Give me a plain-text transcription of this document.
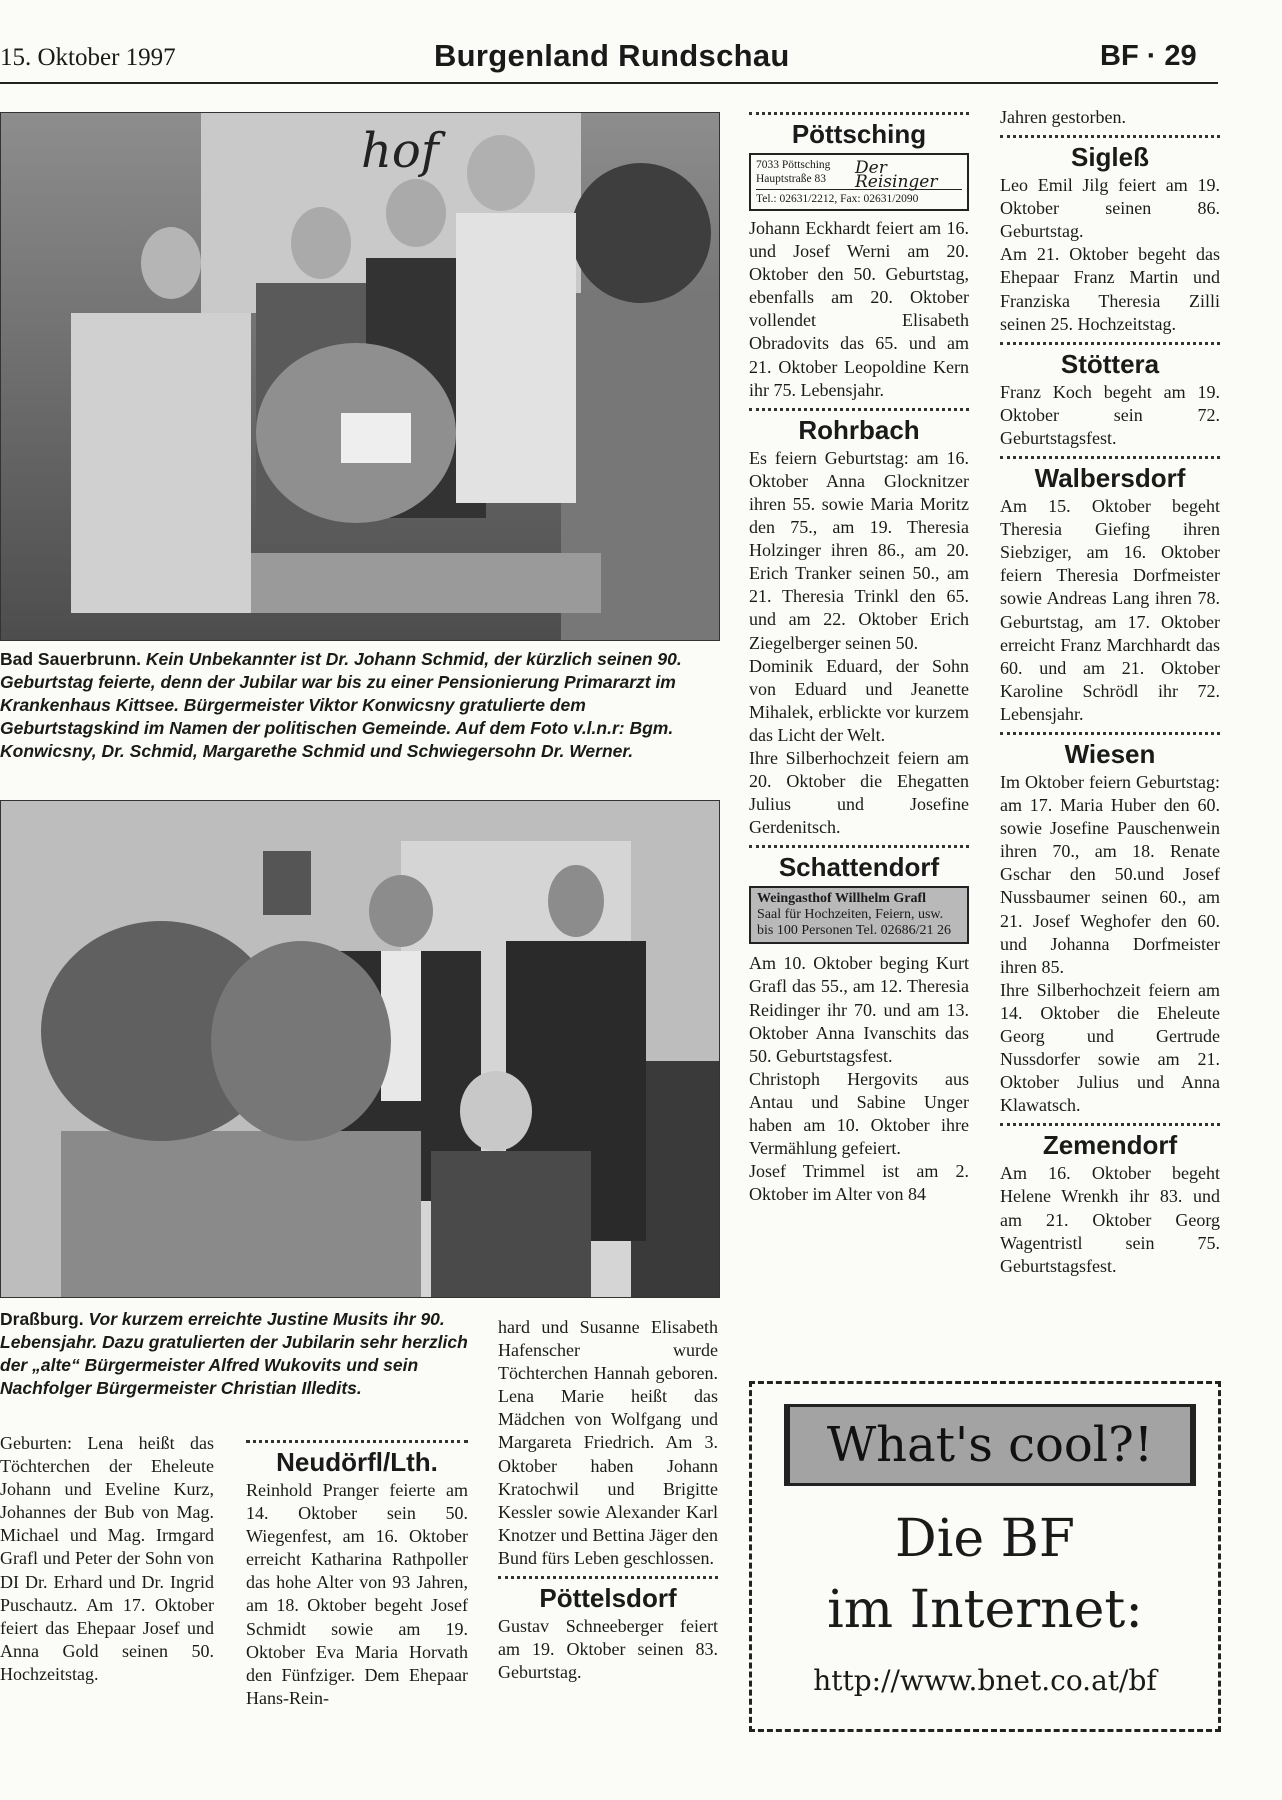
15. Oktober 1997	Burgenland Rundschau	BF · 29
hof
Bad Sauerbrunn. Kein Unbekannter ist Dr. Johann Schmid, der kürzlich seinen 90. Geburtstag feierte, denn der Jubilar war bis zu einer Pensionierung Primararzt im Krankenhaus Kittsee. Bürgermeister Viktor Konwicsny gratulierte dem Geburtstagskind im Namen der politischen Gemeinde. Auf dem Foto v.l.n.r: Bgm. Konwicsny, Dr. Schmid, Margarethe Schmid und Schwiegersohn Dr. Werner.
Draßburg. Vor kurzem erreichte Justine Musits ihr 90. Lebensjahr. Dazu gratulierten der Jubilarin sehr herzlich der „alte“ Bürgermeister Alfred Wukovits und sein Nachfolger Bürgermeister Christian Illedits.

Geburten: Lena heißt das Töchterchen der Eheleute Johann und Eveline Kurz, Johannes der Bub von Mag. Michael und Mag. Irmgard Grafl und Peter der Sohn von DI Dr. Erhard und Dr. Ingrid Puschautz. Am 17. Oktober feiert das Ehepaar Josef und Anna Gold seinen 50. Hochzeitstag.

Neudörfl/Lth.

Reinhold Pranger feierte am 14. Oktober sein 50. Wiegenfest, am 16. Oktober erreicht Katharina Rathpoller das hohe Alter von 93 Jahren, am 18. Oktober begeht Josef Schmidt sowie am 19. Oktober Eva Maria Horvath den Fünfziger. Dem Ehepaar Hans-Rein-

hard und Susanne Elisabeth Hafenscher wurde Töchterchen Hannah geboren. Lena Marie heißt das Mädchen von Wolfgang und Margareta Friedrich. Am 3. Oktober haben Johann Kratochwil und Brigitte Kessler sowie Alexander Karl Knotzer und Bettina Jäger den Bund fürs Leben geschlossen.

Pöttelsdorf

Gustav Schneeberger feiert am 19. Oktober seinen 83. Geburtstag.

Pöttsching
7033 Pöttsching
Hauptstraße 83
Der Reisinger
Tel.: 02631/2212, Fax: 02631/2090

Johann Eckhardt feiert am 16. und Josef Werni am 20. Oktober den 50. Geburtstag, ebenfalls am 20. Oktober vollendet Elisabeth Obradovits das 65. und am 21. Oktober Leopoldine Kern ihr 75. Lebensjahr.

Rohrbach

Es feiern Geburtstag: am 16. Oktober Anna Glocknitzer ihren 55. sowie Maria Moritz den 75., am 19. Theresia Holzinger ihren 86., am 20. Erich Tranker seinen 50., am 21. Theresia Trinkl den 65. und am 22. Oktober Erich Ziegelberger seinen 50.

Dominik Eduard, der Sohn von Eduard und Jeanette Mihalek, erblickte vor kurzem das Licht der Welt.

Ihre Silberhochzeit feiern am 20. Oktober die Ehegatten Julius und Josefine Gerdenitsch.

Schattendorf
Weingasthof Willhelm Grafl
Saal für Hochzeiten, Feiern, usw.
bis 100 Personen Tel. 02686/21 26

Am 10. Oktober beging Kurt Grafl das 55., am 12. Theresia Reidinger ihr 70. und am 13. Oktober Anna Ivanschits das 50. Geburtstagsfest.

Christoph Hergovits aus Antau und Sabine Unger haben am 10. Oktober ihre Vermählung gefeiert.

Josef Trimmel ist am 2. Oktober im Alter von 84

Jahren gestorben.

Sigleß

Leo Emil Jilg feiert am 19. Oktober seinen 86. Geburtstag.

Am 21. Oktober begeht das Ehepaar Franz Martin und Franziska Theresia Zilli seinen 25. Hochzeitstag.

Stöttera

Franz Koch begeht am 19. Oktober sein 72. Geburtstagsfest.

Walbersdorf

Am 15. Oktober begeht Theresia Giefing ihren Siebziger, am 16. Oktober feiern Theresia Dorfmeister sowie Andreas Lang ihren 78. Geburtstag, am 17. Oktober erreicht Franz Marchhardt das 60. und am 21. Oktober Karoline Schrödl ihr 72. Lebensjahr.

Wiesen

Im Oktober feiern Geburtstag: am 17. Maria Huber den 60. sowie Josefine Pauschenwein ihren 70., am 18. Renate Gschar den 50.und Josef Nussbaumer seinen 60., am 21. Josef Weghofer den 60. und Johanna Dorfmeister ihren 85.

Ihre Silberhochzeit feiern am 14. Oktober die Eheleute Georg und Gertrude Nussdorfer sowie am 21. Oktober Julius und Anna Klawatsch.

Zemendorf

Am 16. Oktober begeht Helene Wrenkh ihr 83. und am 21. Oktober Georg Wagentristl sein 75. Geburtstagsfest.

What's cool?!
Die BF
im Internet:
http://www.bnet.co.at/bf
